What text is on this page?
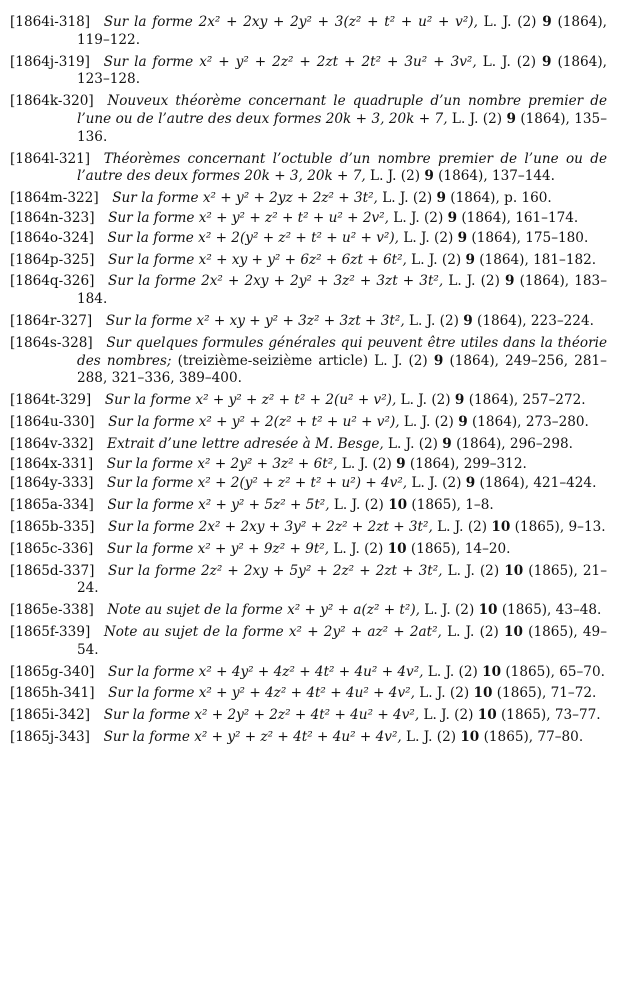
[1864i-318]  Sur la forme 2x² + 2xy + 2y² + 3(z² + t² + u² + v²), L. J. (2) 9 (1864), 119–122.

[1864j-319]  Sur la forme x² + y² + 2z² + 2zt + 2t² + 3u² + 3v², L. J. (2) 9 (1864), 123–128.

[1864k-320]  Nouveux théorème concernant le quadruple d’un nombre premier de l’une ou de l’autre des deux formes 20k + 3, 20k + 7, L. J. (2) 9 (1864), 135–136.

[1864l-321]  Théorèmes concernant l’octuble d’un nombre premier de l’une ou de l’autre des deux formes 20k + 3, 20k + 7, L. J. (2) 9 (1864), 137–144.

[1864m-322]  Sur la forme x² + y² + 2yz + 2z² + 3t², L. J. (2) 9 (1864), p. 160.

[1864n-323]  Sur la forme x² + y² + z² + t² + u² + 2v², L. J. (2) 9 (1864), 161–174.

[1864o-324]  Sur la forme x² + 2(y² + z² + t² + u² + v²), L. J. (2) 9 (1864), 175–180.

[1864p-325]  Sur la forme x² + xy + y² + 6z² + 6zt + 6t², L. J. (2) 9 (1864), 181–182.

[1864q-326]  Sur la forme 2x² + 2xy + 2y² + 3z² + 3zt + 3t², L. J. (2) 9 (1864), 183–184.

[1864r-327]  Sur la forme x² + xy + y² + 3z² + 3zt + 3t², L. J. (2) 9 (1864), 223–224.

[1864s-328]  Sur quelques formules générales qui peuvent être utiles dans la théorie des nombres; (treizième-seizième article) L. J. (2) 9 (1864), 249–256, 281–288, 321–336, 389–400.

[1864t-329]  Sur la forme x² + y² + z² + t² + 2(u² + v²), L. J. (2) 9 (1864), 257–272.

[1864u-330]  Sur la forme x² + y² + 2(z² + t² + u² + v²), L. J. (2) 9 (1864), 273–280.

[1864v-332]  Extrait d’une lettre adresée à M. Besge, L. J. (2) 9 (1864), 296–298.

[1864x-331]  Sur la forme x² + 2y² + 3z² + 6t², L. J. (2) 9 (1864), 299–312.

[1864y-333]  Sur la forme x² + 2(y² + z² + t² + u²) + 4v², L. J. (2) 9 (1864), 421–424.

[1865a-334]  Sur la forme x² + y² + 5z² + 5t², L. J. (2) 10 (1865), 1–8.

[1865b-335]  Sur la forme 2x² + 2xy + 3y² + 2z² + 2zt + 3t², L. J. (2) 10 (1865), 9–13.

[1865c-336]  Sur la forme x² + y² + 9z² + 9t², L. J. (2) 10 (1865), 14–20.

[1865d-337]  Sur la forme 2z² + 2xy + 5y² + 2z² + 2zt + 3t², L. J. (2) 10 (1865), 21–24.

[1865e-338]  Note au sujet de la forme x² + y² + a(z² + t²), L. J. (2) 10 (1865), 43–48.

[1865f-339]  Note au sujet de la forme x² + 2y² + az² + 2at², L. J. (2) 10 (1865), 49–54.

[1865g-340]  Sur la forme x² + 4y² + 4z² + 4t² + 4u² + 4v², L. J. (2) 10 (1865), 65–70.

[1865h-341]  Sur la forme x² + y² + 4z² + 4t² + 4u² + 4v², L. J. (2) 10 (1865), 71–72.

[1865i-342]  Sur la forme x² + 2y² + 2z² + 4t² + 4u² + 4v², L. J. (2) 10 (1865), 73–77.

[1865j-343]  Sur la forme x² + y² + z² + 4t² + 4u² + 4v², L. J. (2) 10 (1865), 77–80.
